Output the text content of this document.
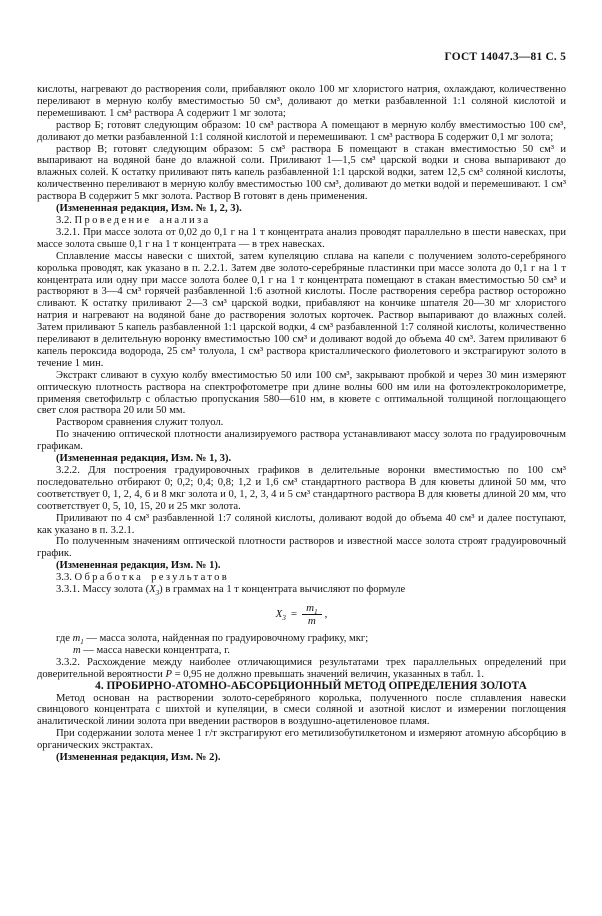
ГОСТ 14047.3—81 С. 5

кислоты, нагревают до растворения соли, прибавляют около 100 мг хлористого натрия, охлаждают, количественно переливают в мерную колбу вместимостью 50 см³, доливают до метки разбавленной 1:1 соляной кислотой и перемешивают. 1 см³ раствора А содержит 1 мг золота;

раствор Б; готовят следующим образом: 10 см³ раствора А помещают в мерную колбу вместимостью 100 см³, доливают до метки разбавленной 1:1 соляной кислотой и перемешивают. 1 см³ раствора Б содержит 0,1 мг золота;

раствор В; готовят следующим образом: 5 см³ раствора Б помещают в стакан вместимостью 50 см³ и выпаривают на водяной бане до влажной соли. Приливают 1—1,5 см³ царской водки и снова выпаривают до влажных солей. К остатку приливают пять капель разбавленной 1:1 царской водки, затем 12,5 см³ соляной кислоты, количественно переливают в мерную колбу вместимостью 100 см³, доливают до метки водой и перемешивают. 1 см³ раствора В содержит 5 мкг золота. Раствор В готовят в день применения.

(Измененная редакция, Изм. № 1, 2, 3).

3.2. Проведение анализа

3.2.1. При массе золота от 0,02 до 0,1 г на 1 т концентрата анализ проводят параллельно в шести навесках, при массе золота свыше 0,1 г на 1 т концентрата — в трех навесках.

Сплавление массы навески с шихтой, затем купеляцию сплава на капели с получением золото-серебряного королька проводят, как указано в п. 2.2.1. Затем две золото-серебряные пластинки при массе золота до 0,1 г на 1 т концентрата или одну при массе золота более 0,1 г на 1 т концентрата помещают в стакан вместимостью 50 см³ и растворяют в 3—4 см³ горячей разбавленной 1:6 азотной кислоты. После растворения серебра раствор осторожно сливают. К остатку приливают 2—3 см³ царской водки, прибавляют на кончике шпателя 20—30 мг хлористого натрия и нагревают на водяной бане до растворения золотых корточек. Раствор выпаривают до влажных солей. Затем приливают 5 капель разбавленной 1:1 царской водки, 4 см³ разбавленной 1:7 соляной кислоты, количественно переливают в делительную воронку вместимостью 100 см³ и доливают водой до объема 40 см³. Затем приливают 6 капель пероксида водорода, 25 см³ толуола, 1 см³ раствора кристаллического фиолетового и экстрагируют золото в течение 1 мин.

Экстракт сливают в сухую колбу вместимостью 50 или 100 см³, закрывают пробкой и через 30 мин измеряют оптическую плотность раствора на спектрофотометре при длине волны 600 нм или на фотоэлектроколориметре, применяя светофильтр с областью пропускания 580—610 нм, в кювете с оптимальной толщиной поглощающего свет слоя раствора 20 или 50 мм.

Раствором сравнения служит толуол.

По значению оптической плотности анализируемого раствора устанавливают массу золота по градуировочным графикам.

(Измененная редакция, Изм. № 1, 3).

3.2.2. Для построения градуировочных графиков в делительные воронки вместимостью по 100 см³ последовательно отбирают 0; 0,2; 0,4; 0,8; 1,2 и 1,6 см³ стандартного раствора В для кюветы длиной 50 мм, что соответствует 0, 1, 2, 4, 6 и 8 мкг золота и 0, 1, 2, 3, 4 и 5 см³ стандартного раствора В для кюветы длиной 20 мм, что соответствует 0, 5, 10, 15, 20 и 25 мкг золота.

Приливают по 4 см³ разбавленной 1:7 соляной кислоты, доливают водой до объема 40 см³ и далее поступают, как указано в п. 3.2.1.

По полученным значениям оптической плотности растворов и известной массе золота строят градуировочный график.

(Измененная редакция, Изм. № 1).

3.3. Обработка результатов

3.3.1. Массу золота $(Х_3)$ в граммах на 1 т концентрата вычисляют по формуле

$X_3 = \frac{m_1}{m}$ ,

где $m_1$ — масса золота, найденная по градуировочному графику, мкг;

m — масса навески концентрата, г.

3.3.2. Расхождение между наиболее отличающимися результатами трех параллельных определений при доверительной вероятности Р = 0,95 не должно превышать значений величин, указанных в табл. 1.

4. ПРОБИРНО-АТОМНО-АБСОРБЦИОННЫЙ МЕТОД ОПРЕДЕЛЕНИЯ ЗОЛОТА

Метод основан на растворении золото-серебряного королька, полученного после сплавления навески свинцового концентрата с шихтой и купеляции, в смеси соляной и азотной кислот и измерении поглощения аналитической линии золота при введении растворов в воздушно-ацетиленовое пламя.

При содержании золота менее 1 г/т экстрагируют его метилизобутилкетоном и измеряют атомную абсорбцию в органических экстрактах.

(Измененная редакция, Изм. № 2).
